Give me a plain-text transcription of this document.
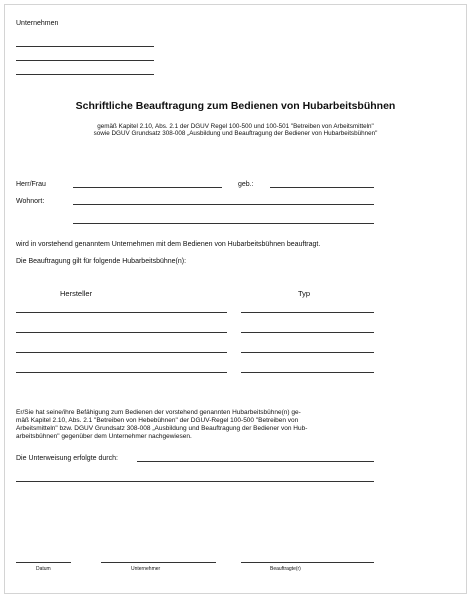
Unternehmen
Schriftliche Beauftragung zum Bedienen von Hubarbeitsbühnen
gemäß Kapitel 2.10, Abs. 2.1 der DGUV Regel 100-500 und 100-501 "Betreiben von Arbeitsmitteln"
sowie DGUV Grundsatz 308-008 „Ausbildung und Beauftragung der Bediener von Hubarbeitsbühnen"
Herr/Frau	geb.:
Wohnort:
wird in vorstehend genanntem Unternehmen mit dem Bedienen von Hubarbeitsbühnen beauftragt.
Die Beauftragung gilt für folgende Hubarbeitsbühne(n):
Hersteller	Typ
Er/Sie hat seine/ihre Befähigung zum Bedienen der vorstehend genannten Hubarbeitsbühne(n) ge-
mäß Kapitel 2.10, Abs. 2.1 "Betreiben von Hebebühnen" der DGUV-Regel 100-500 "Betreiben von
Arbeitsmitteln" bzw. DGUV Grundsatz 308-008 „Ausbildung und Beauftragung der Bediener von Hub-
arbeitsbühnen" gegenüber dem Unternehmer nachgewiesen.
Die Unterweisung erfolgte durch:
Datum	Unternehmer	Beauftragte(r)
